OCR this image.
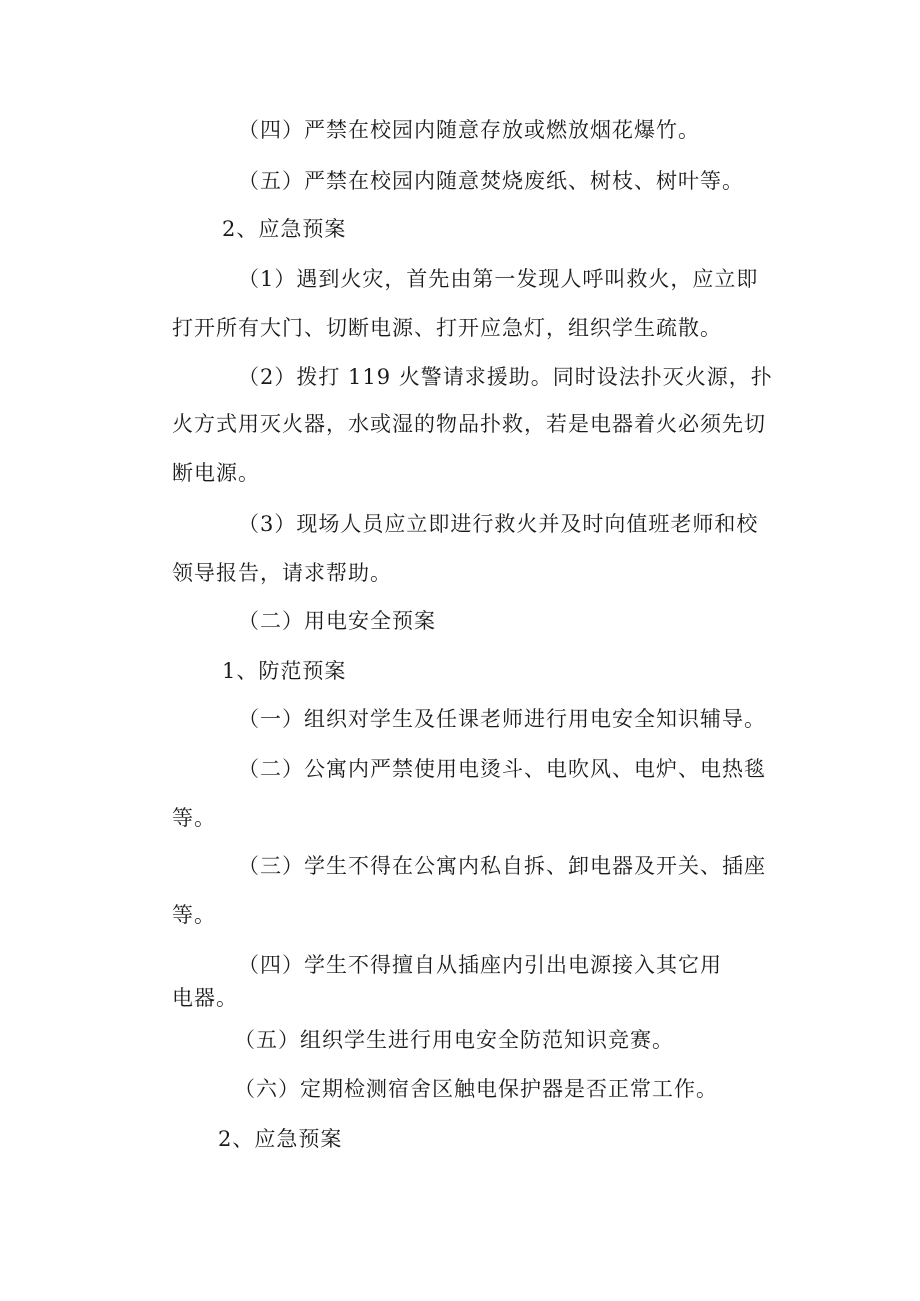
（四）严禁在校园内随意存放或燃放烟花爆竹。
（五）严禁在校园内随意焚烧废纸、树枝、树叶等。
2、应急预案
（1）遇到火灾，首先由第一发现人呼叫救火，应立即
打开所有大门、切断电源、打开应急灯，组织学生疏散。
（2）拨打 119 火警请求援助。同时设法扑灭火源，扑
火方式用灭火器，水或湿的物品扑救，若是电器着火必须先切
断电源。
（3）现场人员应立即进行救火并及时向值班老师和校
领导报告，请求帮助。
（二）用电安全预案
1、防范预案
（一）组织对学生及任课老师进行用电安全知识辅导。
（二）公寓内严禁使用电烫斗、电吹风、电炉、电热毯
等。
（三）学生不得在公寓内私自拆、卸电器及开关、插座
等。
（四）学生不得擅自从插座内引出电源接入其它用
电器。
（五）组织学生进行用电安全防范知识竞赛。
（六）定期检测宿舍区触电保护器是否正常工作。
2、应急预案
